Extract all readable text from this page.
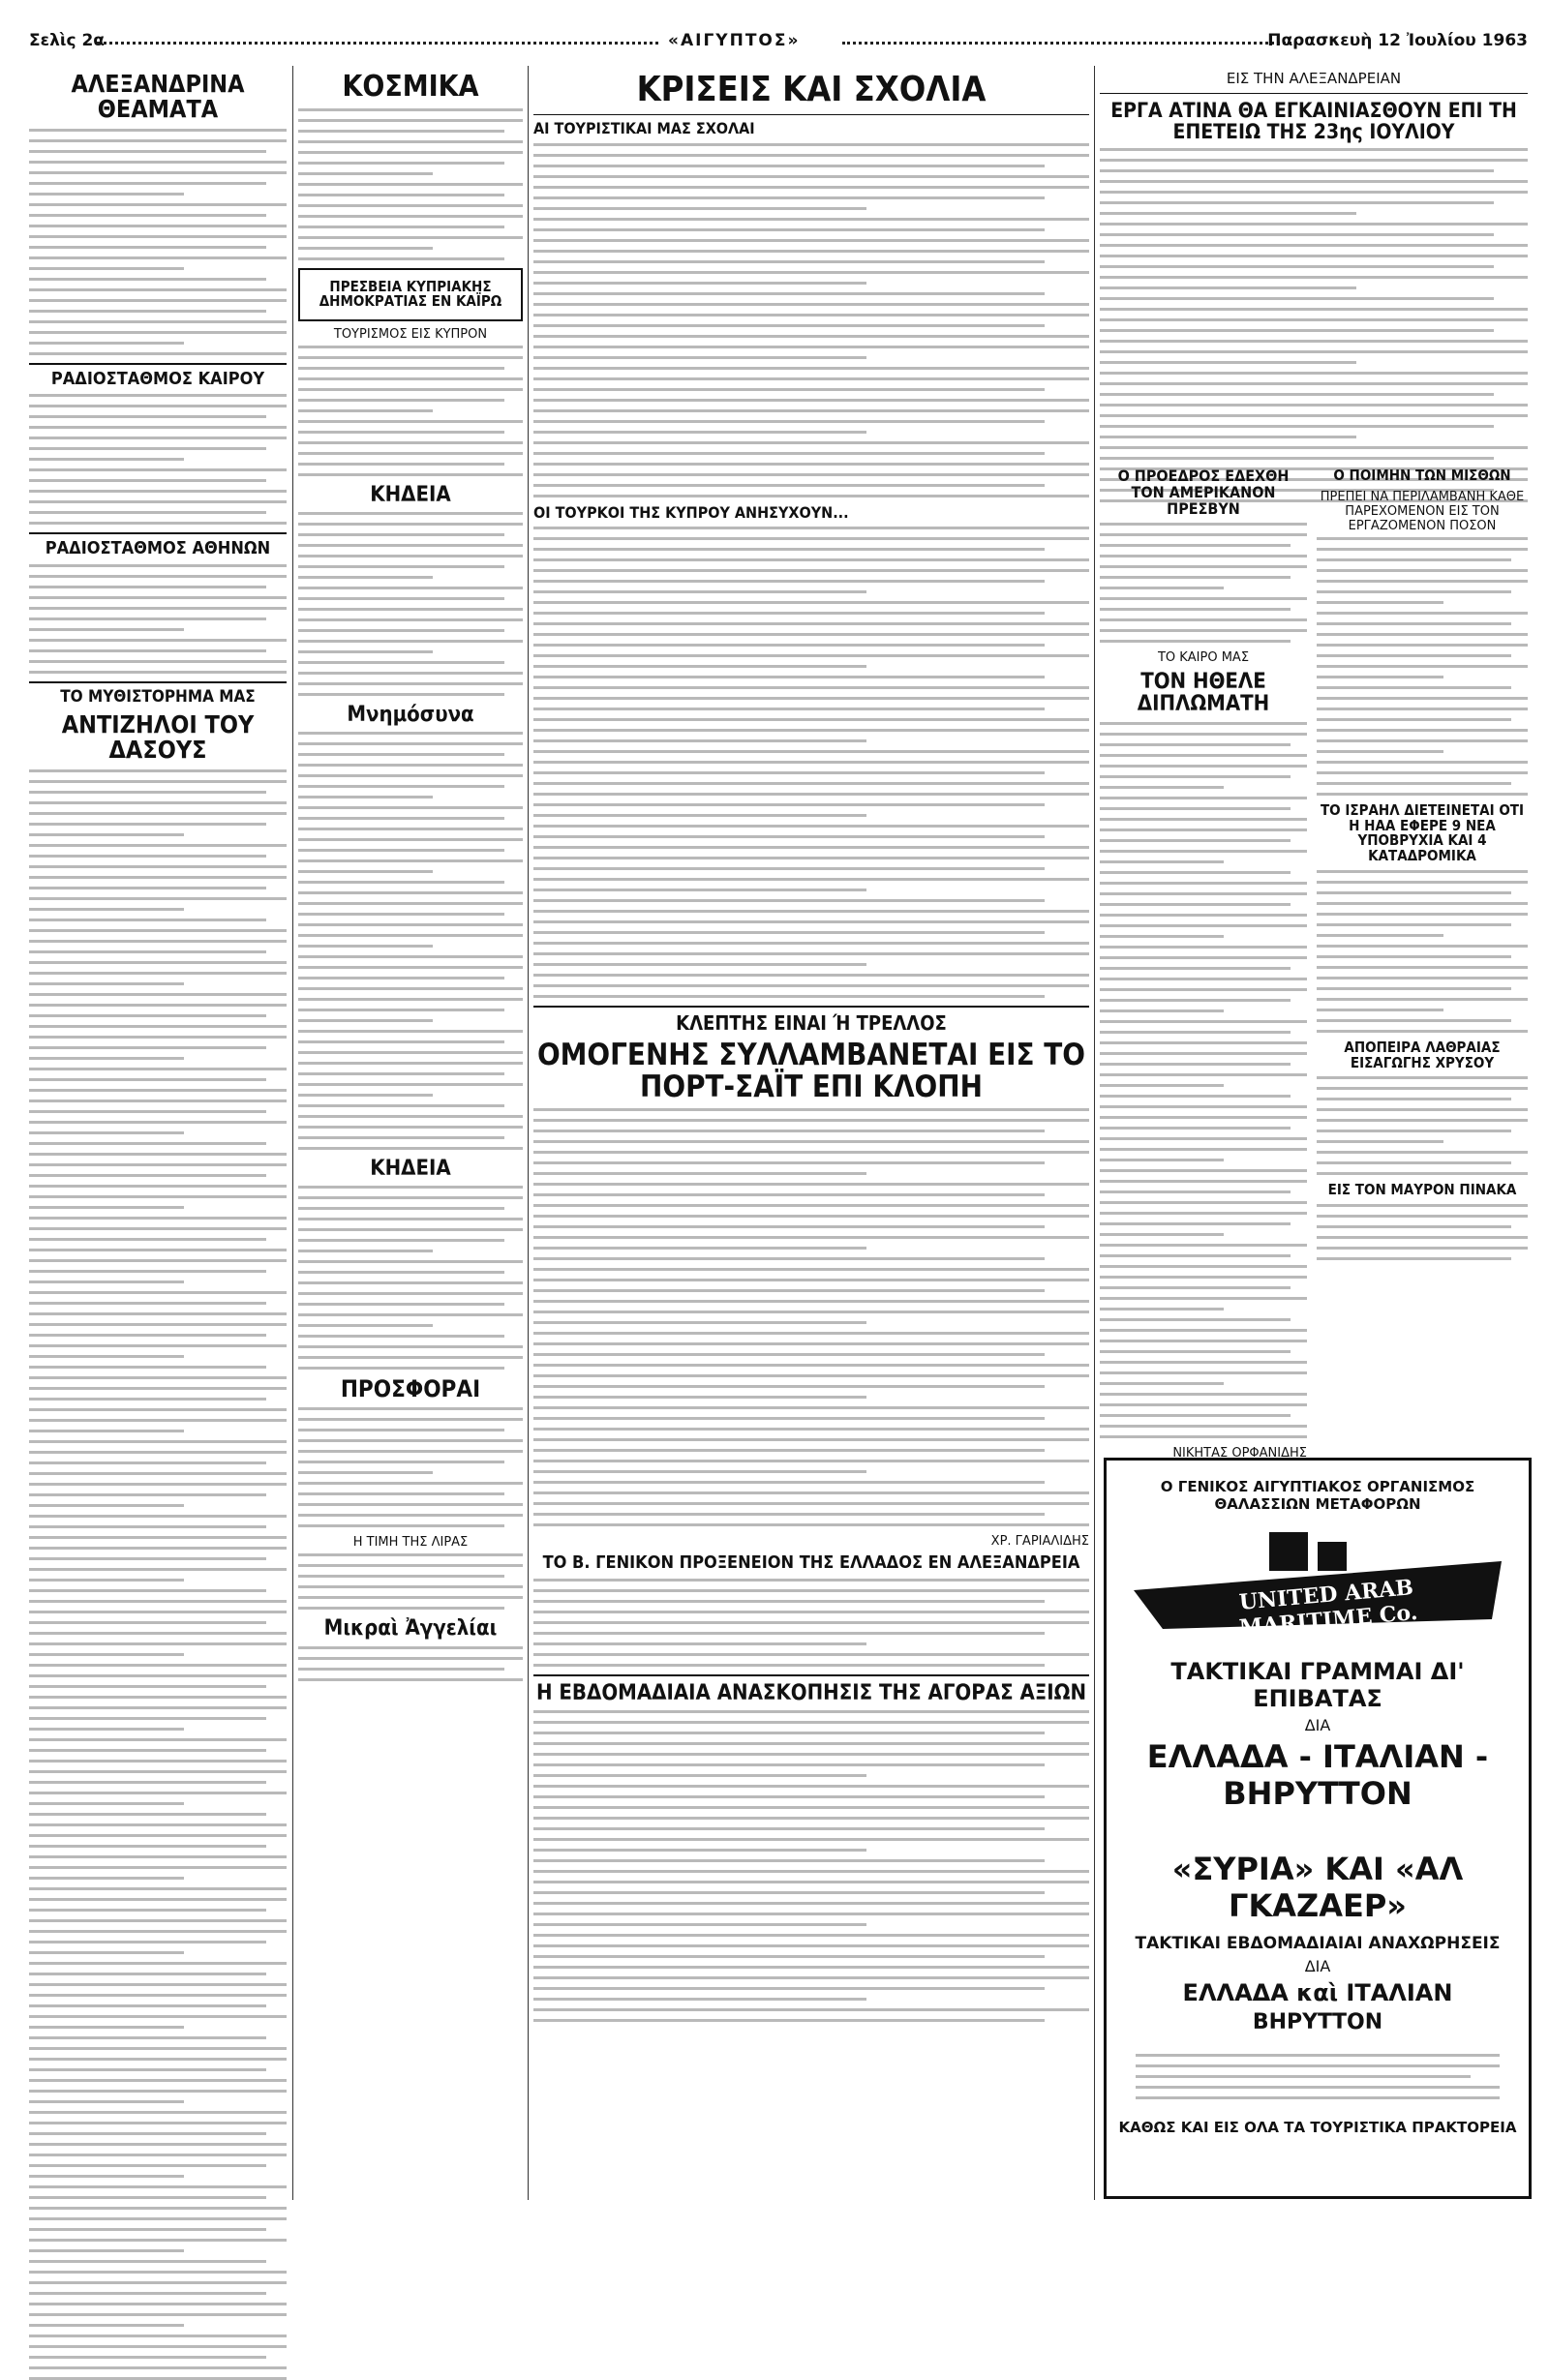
Σελὶς 2α	«ΑΙΓΥΠΤΟΣ»	Παρασκευὴ 12 Ἰουλίου 1963
ΑΛΕΞΑΝΔΡΙΝΑ ΘΕΑΜΑΤΑ
ΡΑΔΙΟΣΤΑΘΜΟΣ ΚΑΙΡΟΥ
ΡΑΔΙΟΣΤΑΘΜΟΣ ΑΘΗΝΩΝ
ΤΟ ΜΥΘΙΣΤΟΡΗΜΑ ΜΑΣ
ΑΝΤΙΖΗΛΟΙ ΤΟΥ ΔΑΣΟΥΣ
ΚΟΣΜΙΚΑ
ΠΡΕΣΒΕΙΑ ΚΥΠΡΙΑΚΗΣ ΔΗΜΟΚΡΑΤΙΑΣ ΕΝ ΚΑΪΡΩ
ΤΟΥΡΙΣΜΟΣ ΕΙΣ ΚΥΠΡΟΝ
ΚΗΔΕΙΑ
Μνημόσυνα
ΚΗΔΕΙΑ
ΠΡΟΣΦΟΡΑΙ
Η ΤΙΜΗ ΤΗΣ ΛΙΡΑΣ
Μικραὶ Ἀγγελίαι
ΚΡΙΣΕΙΣ ΚΑΙ ΣΧΟΛΙΑ
ΑΙ ΤΟΥΡΙΣΤΙΚΑΙ ΜΑΣ ΣΧΟΛΑΙ
ΟΙ ΤΟΥΡΚΟΙ ΤΗΣ ΚΥΠΡΟΥ ΑΝΗΣΥΧΟΥΝ...
ΚΛΕΠΤΗΣ ΕΙΝΑΙ Ή ΤΡΕΛΛΟΣ
ΟΜΟΓΕΝΗΣ ΣΥΛΛΑΜΒΑΝΕΤΑΙ ΕΙΣ ΤΟ ΠΟΡΤ-ΣΑΪΤ ΕΠΙ ΚΛΟΠΗ
ΧΡ. ΓΑΡΙΑΛΙΔΗΣ
ΤΟ Β. ΓΕΝΙΚΟΝ ΠΡΟΞΕΝΕΙΟΝ ΤΗΣ ΕΛΛΑΔΟΣ ΕΝ ΑΛΕΞΑΝΔΡΕΙΑ
Η ΕΒΔΟΜΑΔΙΑΙΑ ΑΝΑΣΚΟΠΗΣΙΣ ΤΗΣ ΑΓΟΡΑΣ ΑΞΙΩΝ
ΕΙΣ ΤΗΝ ΑΛΕΞΑΝΔΡΕΙΑΝ
ΕΡΓΑ ΑΤΙΝΑ ΘΑ ΕΓΚΑΙΝΙΑΣΘΟΥΝ ΕΠΙ ΤΗ ΕΠΕΤΕΙΩ ΤΗΣ 23ης ΙΟΥΛΙΟΥ
Ο ΠΡΟΕΔΡΟΣ ΕΔΕΧΘΗ ΤΟΝ ΑΜΕΡΙΚΑΝΟΝ ΠΡΕΣΒΥΝ
ΤΟ ΚΑΙΡΟ ΜΑΣ
ΤΟΝ ΗΘΕΛΕ ΔΙΠΛΩΜΑΤΗ
ΝΙΚΗΤΑΣ ΟΡΦΑΝΙΔΗΣ
Ο ΠΟΙΜΗΝ ΤΩΝ ΜΙΣΘΩΝ
ΠΡΕΠΕΙ ΝΑ ΠΕΡΙΛΑΜΒΑΝΗ ΚΑΘΕ ΠΑΡΕΧΟΜΕΝΟΝ ΕΙΣ ΤΟΝ ΕΡΓΑΖΟΜΕΝΟΝ ΠΟΣΟΝ
ΤΟ ΙΣΡΑΗΛ ΔΙΕΤΕΙΝΕΤΑΙ ΟΤΙ Η ΗΑΑ ΕΦΕΡΕ 9 ΝΕΑ ΥΠΟΒΡΥΧΙΑ ΚΑΙ 4 ΚΑΤΑΔΡΟΜΙΚΑ
ΑΠΟΠΕΙΡΑ ΛΑΘΡΑΙΑΣ ΕΙΣΑΓΩΓΗΣ ΧΡΥΣΟΥ
ΕΙΣ ΤΟΝ ΜΑΥΡΟΝ ΠΙΝΑΚΑ
Ο ΓΕΝΙΚΟΣ ΑΙΓΥΠΤΙΑΚΟΣ ΟΡΓΑΝΙΣΜΟΣ
ΘΑΛΑΣΣΙΩΝ ΜΕΤΑΦΟΡΩΝ
UNITED ARAB MARITIME Co.
ΤΑΚΤΙΚΑΙ ΓΡΑΜΜΑΙ ΔΙ' ΕΠΙΒΑΤΑΣ
ΔΙΑ
ΕΛΛΑΔΑ - ΙΤΑΛΙΑΝ - ΒΗΡΥΤΤΟΝ
«ΣΥΡΙΑ» ΚΑΙ «ΑΛ ΓΚΑΖΑΕΡ»
ΤΑΚΤΙΚΑΙ ΕΒΔΟΜΑΔΙΑΙΑΙ ΑΝΑΧΩΡΗΣΕΙΣ
ΔΙΑ
ΕΛΛΑΔΑ καὶ ΙΤΑΛΙΑΝ
ΒΗΡΥΤΤΟΝ
ΚΑΘΩΣ ΚΑΙ ΕΙΣ ΟΛΑ ΤΑ ΤΟΥΡΙΣΤΙΚΑ ΠΡΑΚΤΟΡΕΙΑ
